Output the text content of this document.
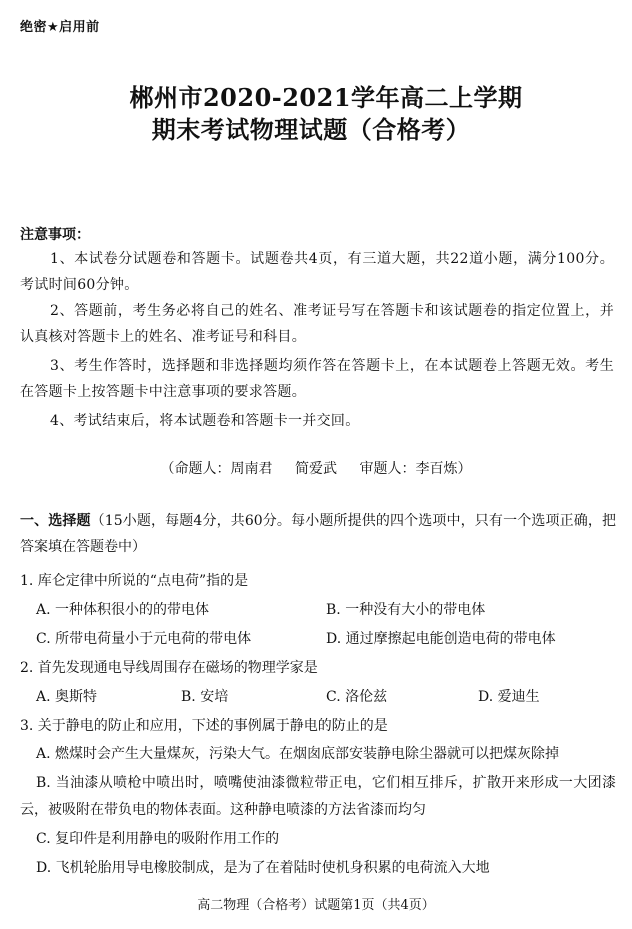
绝密★启用前
郴州市2020-2021学年高二上学期
期末考试物理试题（合格考）
注意事项：
1、本试卷分试题卷和答题卡。试题卷共4页，有三道大题，共22道小题，满分100分。考试时间60分钟。
2、答题前，考生务必将自己的姓名、准考证号写在答题卡和该试题卷的指定位置上，并认真核对答题卡上的姓名、准考证号和科目。
3、考生作答时，选择题和非选择题均须作答在答题卡上，在本试题卷上答题无效。考生在答题卡上按答题卡中注意事项的要求答题。
4、考试结束后，将本试题卷和答题卡一并交回。
（命题人：周南君 简爱武 审题人：李百炼）
一、选择题（15小题，每题4分，共60分。每小题所提供的四个选项中，只有一个选项正确，把答案填在答题卷中）
1. 库仑定律中所说的“点电荷”指的是
A. 一种体积很小的的带电体	B. 一种没有大小的带电体
C. 所带电荷量小于元电荷的带电体	D. 通过摩擦起电能创造电荷的带电体
2. 首先发现通电导线周围存在磁场的物理学家是
A. 奥斯特	B. 安培	C. 洛伦兹	D. 爱迪生
3. 关于静电的防止和应用，下述的事例属于静电的防止的是
A. 燃煤时会产生大量煤灰，污染大气。在烟囱底部安装静电除尘器就可以把煤灰除掉
B. 当油漆从喷枪中喷出时，喷嘴使油漆微粒带正电，它们相互排斥，扩散开来形成一大团漆云，被吸附在带负电的物体表面。这种静电喷漆的方法省漆而均匀
C. 复印件是利用静电的吸附作用工作的
D. 飞机轮胎用导电橡胶制成，是为了在着陆时使机身积累的电荷流入大地
高二物理（合格考）试题第1页（共4页）
